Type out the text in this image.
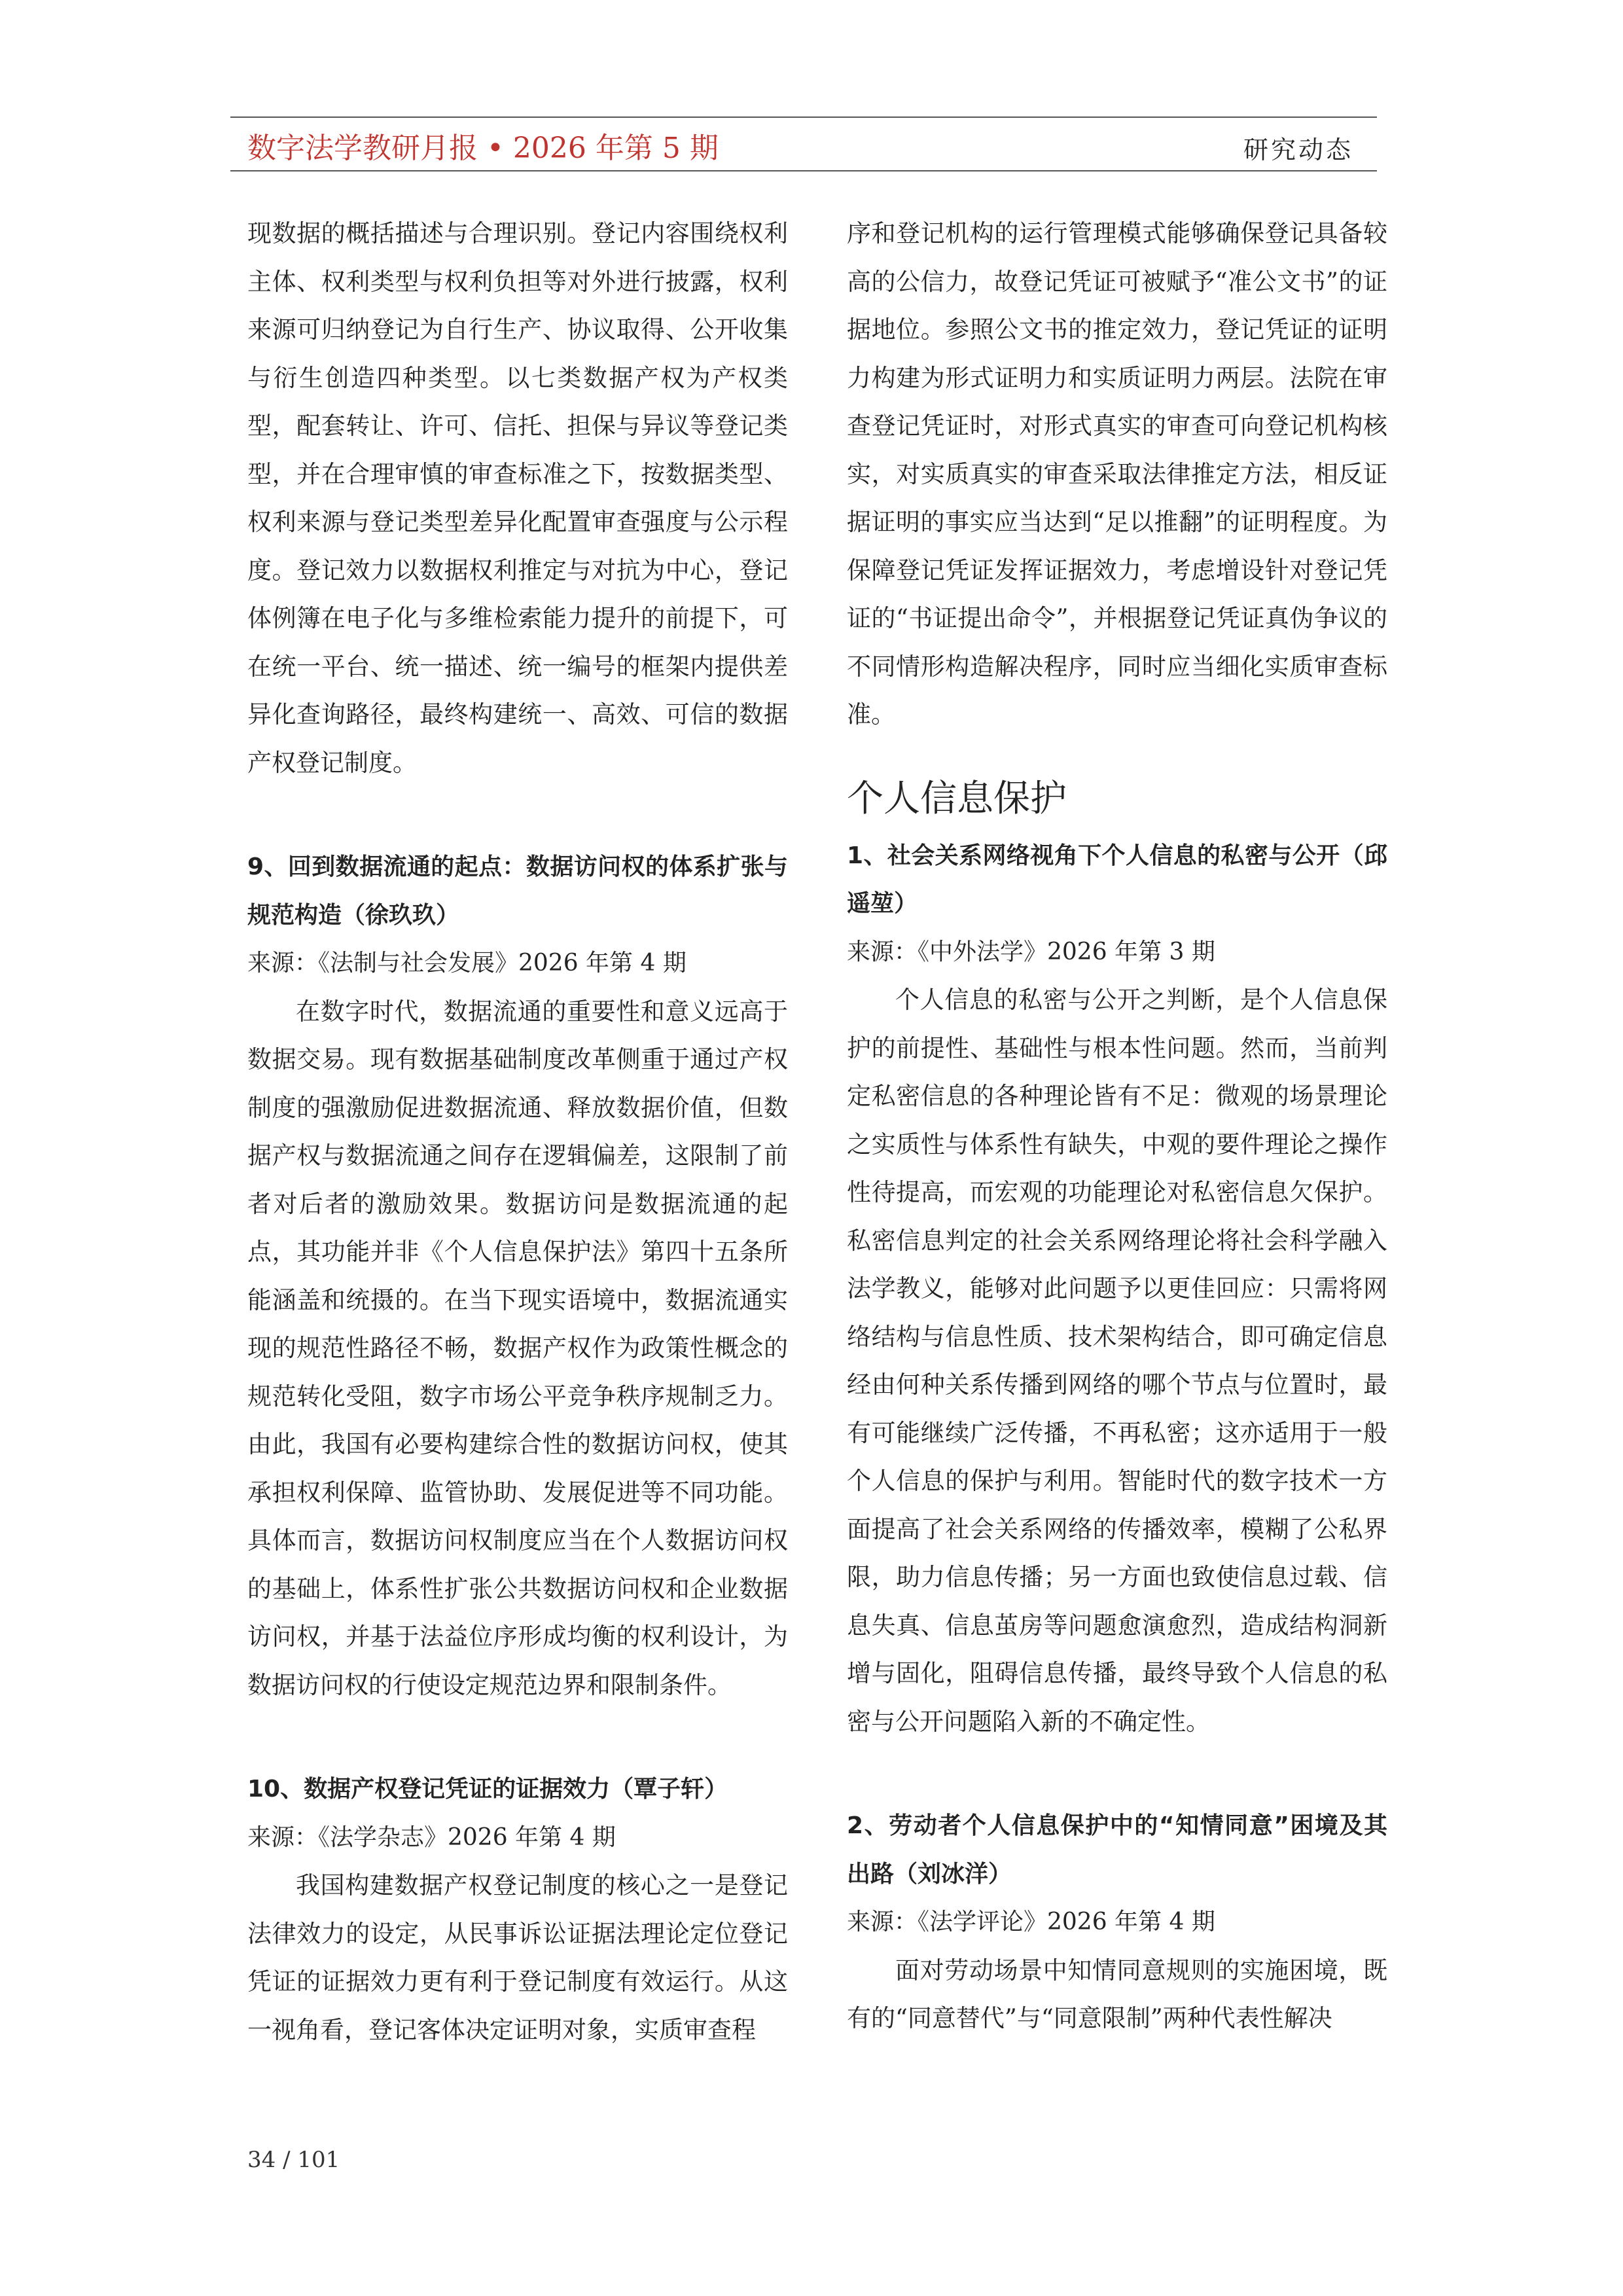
数字法学教研月报 • 2026 年第 5 期	研究动态

现数据的概括描述与合理识别。登记内容围绕权利主体、权利类型与权利负担等对外进行披露，权利来源可归纳登记为自行生产、协议取得、公开收集与衍生创造四种类型。以七类数据产权为产权类型，配套转让、许可、信托、担保与异议等登记类型，并在合理审慎的审查标准之下，按数据类型、权利来源与登记类型差异化配置审查强度与公示程度。登记效力以数据权利推定与对抗为中心，登记体例簿在电子化与多维检索能力提升的前提下，可在统一平台、统一描述、统一编号的框架内提供差异化查询路径，最终构建统一、高效、可信的数据产权登记制度。

9、回到数据流通的起点：数据访问权的体系扩张与规范构造（徐玖玖）

来源：《法制与社会发展》2026 年第 4 期

在数字时代，数据流通的重要性和意义远高于数据交易。现有数据基础制度改革侧重于通过产权制度的强激励促进数据流通、释放数据价值，但数据产权与数据流通之间存在逻辑偏差，这限制了前者对后者的激励效果。数据访问是数据流通的起点，其功能并非《个人信息保护法》第四十五条所能涵盖和统摄的。在当下现实语境中，数据流通实现的规范性路径不畅，数据产权作为政策性概念的规范转化受阻，数字市场公平竞争秩序规制乏力。由此，我国有必要构建综合性的数据访问权，使其承担权利保障、监管协助、发展促进等不同功能。具体而言，数据访问权制度应当在个人数据访问权的基础上，体系性扩张公共数据访问权和企业数据访问权，并基于法益位序形成均衡的权利设计，为数据访问权的行使设定规范边界和限制条件。

10、数据产权登记凭证的证据效力（覃子轩）

来源：《法学杂志》2026 年第 4 期

我国构建数据产权登记制度的核心之一是登记法律效力的设定，从民事诉讼证据法理论定位登记凭证的证据效力更有利于登记制度有效运行。从这一视角看，登记客体决定证明对象，实质审查程

序和登记机构的运行管理模式能够确保登记具备较高的公信力，故登记凭证可被赋予“准公文书”的证据地位。参照公文书的推定效力，登记凭证的证明力构建为形式证明力和实质证明力两层。法院在审查登记凭证时，对形式真实的审查可向登记机构核实，对实质真实的审查采取法律推定方法，相反证据证明的事实应当达到“足以推翻”的证明程度。为保障登记凭证发挥证据效力，考虑增设针对登记凭证的“书证提出命令”，并根据登记凭证真伪争议的不同情形构造解决程序，同时应当细化实质审查标准。

个人信息保护

1、社会关系网络视角下个人信息的私密与公开（邱遥堃）

来源：《中外法学》2026 年第 3 期

个人信息的私密与公开之判断，是个人信息保护的前提性、基础性与根本性问题。然而，当前判定私密信息的各种理论皆有不足：微观的场景理论之实质性与体系性有缺失，中观的要件理论之操作性待提高，而宏观的功能理论对私密信息欠保护。私密信息判定的社会关系网络理论将社会科学融入法学教义，能够对此问题予以更佳回应：只需将网络结构与信息性质、技术架构结合，即可确定信息经由何种关系传播到网络的哪个节点与位置时，最有可能继续广泛传播，不再私密；这亦适用于一般个人信息的保护与利用。智能时代的数字技术一方面提高了社会关系网络的传播效率，模糊了公私界限，助力信息传播；另一方面也致使信息过载、信息失真、信息茧房等问题愈演愈烈，造成结构洞新增与固化，阻碍信息传播，最终导致个人信息的私密与公开问题陷入新的不确定性。

2、劳动者个人信息保护中的“知情同意”困境及其出路（刘冰洋）

来源：《法学评论》2026 年第 4 期

面对劳动场景中知情同意规则的实施困境，既有的“同意替代”与“同意限制”两种代表性解决

34 / 101
